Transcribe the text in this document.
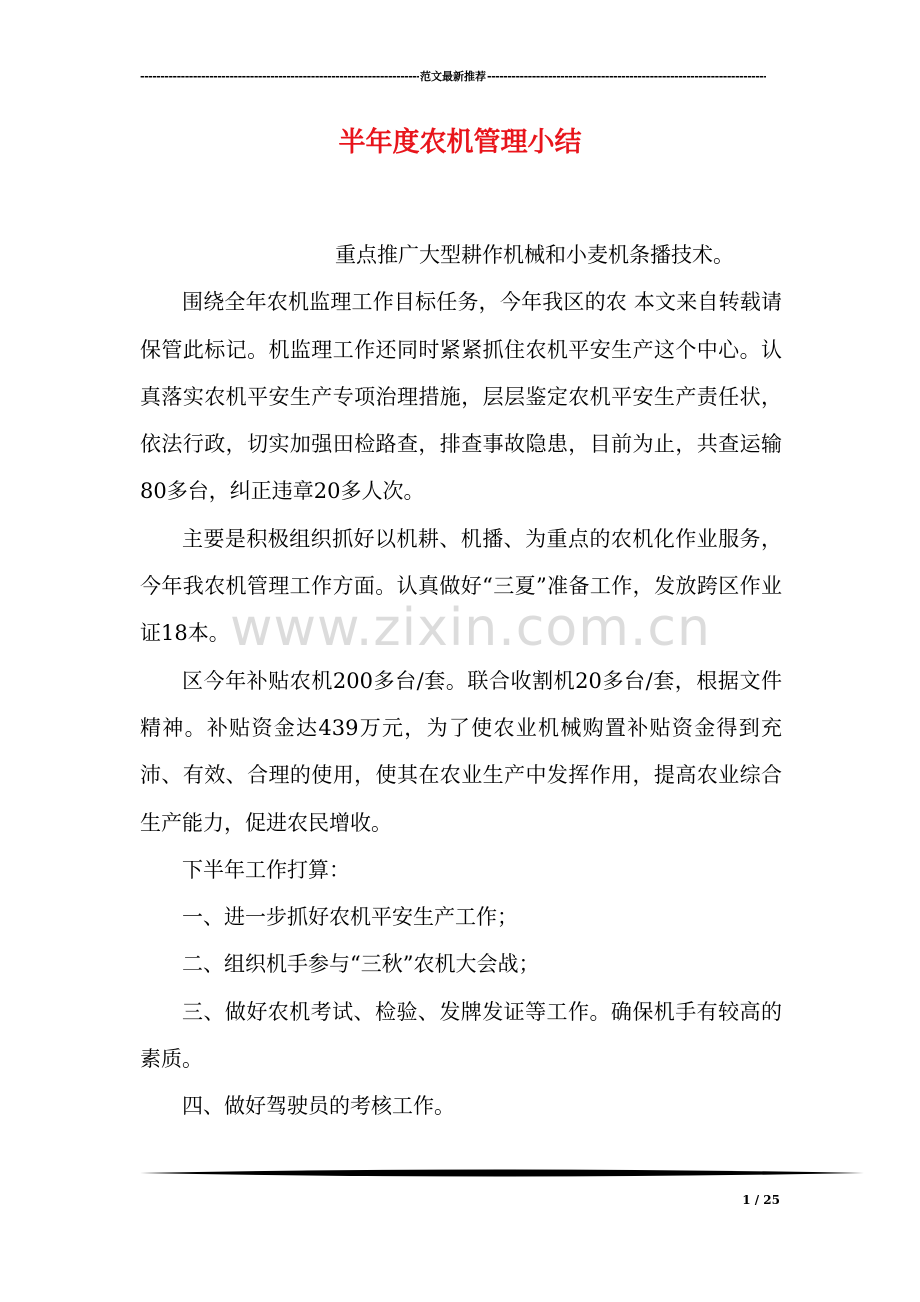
-----
范文最新推荐
-----
半年度农机管理小结

重点推广大型耕作机械和小麦机条播技术。

围绕全年农机监理工作目标任务，今年我区的农 本文来自转载请保管此标记。机监理工作还同时紧紧抓住农机平安生产这个中心。认真落实农机平安生产专项治理措施，层层鉴定农机平安生产责任状，依法行政，切实加强田检路查，排查事故隐患，目前为止，共查运输80多台，纠正违章20多人次。

主要是积极组织抓好以机耕、机播、为重点的农机化作业服务，今年我农机管理工作方面。认真做好“三夏”准备工作，发放跨区作业证18本。

区今年补贴农机200多台/套。联合收割机20多台/套，根据文件精神。补贴资金达439万元，为了使农业机械购置补贴资金得到充沛、有效、合理的使用，使其在农业生产中发挥作用，提高农业综合生产能力，促进农民增收。

下半年工作打算：

一、进一步抓好农机平安生产工作；

二、组织机手参与“三秋”农机大会战；

三、做好农机考试、检验、发牌发证等工作。确保机手有较高的素质。

四、做好驾驶员的考核工作。

www.zixin.com.cn
1 / 25
